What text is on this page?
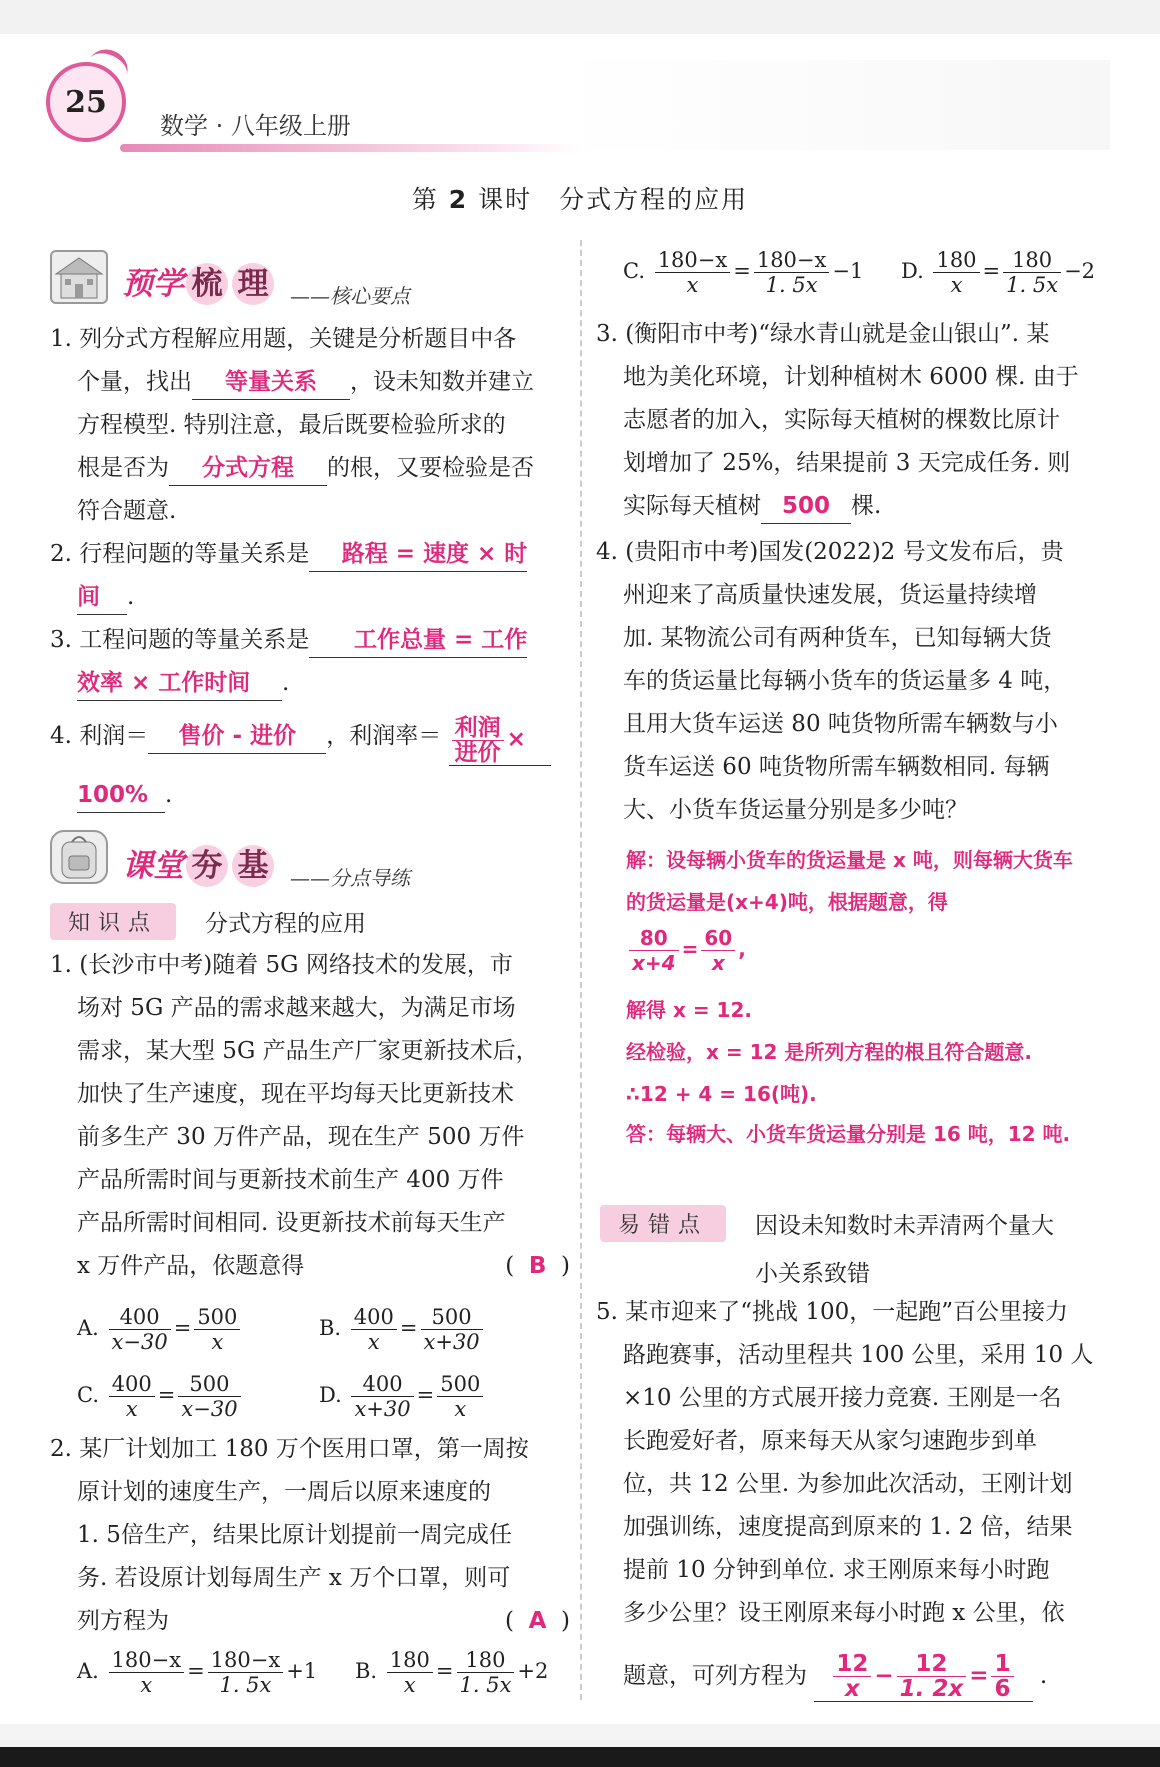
25
数学 · 八年级上册
第 2 课时　分式方程的应用
预学 梳 理	——核心要点
1. 列分式方程解应用题，关键是分析题目中各
个量，找出 等量关系 ，设未知数并建立
方程模型. 特别注意，最后既要检验所求的
根是否为 分式方程 的根，又要检验是否
符合题意.
2. 行程问题的等量关系是 路程 = 速度 × 时
间 .
3. 工程问题的等量关系是 工作总量 = 工作
效率 × 工作时间 .
4. 利润＝ 售价 - 进价 ，利润率＝ $\frac{\text{利润}}{\text{进价}}$ ×
100% .
课堂 夯 基	——分点导练
知识点	分式方程的应用
1. (长沙市中考)随着 5G 网络技术的发展，市
场对 5G 产品的需求越来越大，为满足市场
需求，某大型 5G 产品生产厂家更新技术后，
加快了生产速度，现在平均每天比更新技术
前多生产 30 万件产品，现在生产 500 万件
产品所需时间与更新技术前生产 400 万件
产品所需时间相同. 设更新技术前每天生产
x 万件产品，依题意得	(  B  )
A. $\frac{400}{x-30} = \frac{500}{x}$	B. $\frac{400}{x} = \frac{500}{x+30}$
C. $\frac{400}{x} = \frac{500}{x-30}$	D. $\frac{400}{x+30} = \frac{500}{x}$
2. 某厂计划加工 180 万个医用口罩，第一周按
原计划的速度生产，一周后以原来速度的
1. 5倍生产，结果比原计划提前一周完成任
务. 若设原计划每周生产 x 万个口罩，则可
列方程为	(  A  )
A. $\frac{180-x}{x} = \frac{180-x}{1. 5x} +1$	B. $\frac{180}{x} = \frac{180}{1. 5x} +2$
C. $\frac{180-x}{x} = \frac{180-x}{1. 5x} -1$	D. $\frac{180}{x} = \frac{180}{1. 5x} -2$
3. (衡阳市中考)“绿水青山就是金山银山”. 某
地为美化环境，计划种植树木 6000 棵. 由于
志愿者的加入，实际每天植树的棵数比原计
划增加了 25%，结果提前 3 天完成任务. 则
实际每天植树 500 棵.
4. (贵阳市中考)国发(2022)2 号文发布后，贵
州迎来了高质量快速发展，货运量持续增
加. 某物流公司有两种货车，已知每辆大货
车的货运量比每辆小货车的货运量多 4 吨，
且用大货车运送 80 吨货物所需车辆数与小
货车运送 60 吨货物所需车辆数相同. 每辆
大、小货车货运量分别是多少吨？
解：设每辆小货车的货运量是 x 吨，则每辆大货车
的货运量是(x+4)吨，根据题意，得
$\frac{80}{x+4} = \frac{60}{x}$ ,
解得 x = 12.
经检验，x = 12 是所列方程的根且符合题意.
∴12 + 4 = 16(吨).
答：每辆大、小货车货运量分别是 16 吨，12 吨.
易错点	因设未知数时未弄清两个量大
小关系致错
5. 某市迎来了“挑战 100，一起跑”百公里接力
路跑赛事，活动里程共 100 公里，采用 10 人
×10 公里的方式展开接力竞赛. 王刚是一名
长跑爱好者，原来每天从家匀速跑步到单
位，共 12 公里. 为参加此次活动，王刚计划
加强训练，速度提高到原来的 1. 2 倍，结果
提前 10 分钟到单位. 求王刚原来每小时跑
多少公里？设王刚原来每小时跑 x 公里，依
题意，可列方程为 $\frac{12}{x} - \frac{12}{1. 2x} = \frac{1}{6}$ .
